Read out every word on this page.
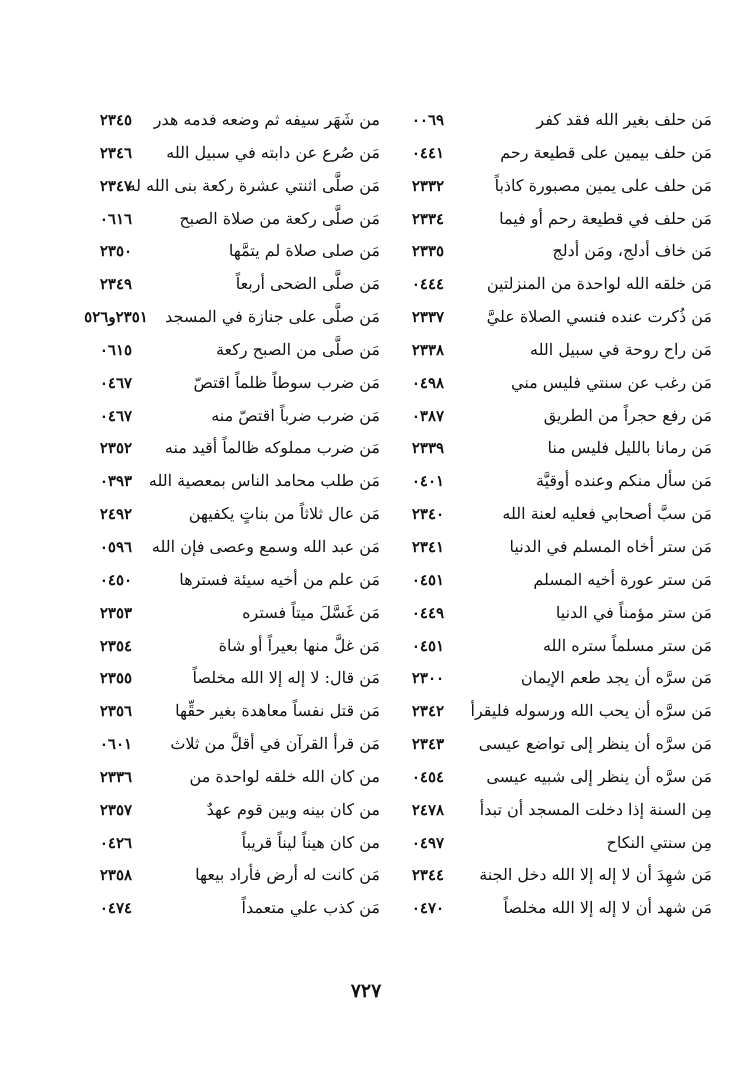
مَن حلف بغير الله فقد كفر
٠٠٦٩
مَن حلف بيمين على قطيعة رحم
٠٤٤١
مَن حلف على يمين مصبورة كاذباً
٢٣٣٢
مَن حلف في قطيعة رحم أو فيما
٢٣٣٤
مَن خاف أدلج، ومَن أدلج
٢٣٣٥
مَن خلقه الله لواحدة من المنزلتين
٠٤٤٤
مَن ذُكرت عنده فنسي الصلاة عليَّ
٢٣٣٧
مَن راح روحة في سبيل الله
٢٣٣٨
مَن رغب عن سنتي فليس مني
٠٤٩٨
مَن رفع حجراً من الطريق
٠٣٨٧
مَن رمانا بالليل فليس منا
٢٣٣٩
مَن سأل منكم وعنده أوقيَّة
٠٤٠١
مَن سبَّ أصحابي فعليه لعنة الله
٢٣٤٠
مَن ستر أخاه المسلم في الدنيا
٢٣٤١
مَن ستر عورة أخيه المسلم
٠٤٥١
مَن ستر مؤمناً في الدنيا
٠٤٤٩
مَن ستر مسلماً ستره الله
٠٤٥١
مَن سرَّه أن يجد طعم الإيمان
٢٣٠٠
مَن سرَّه أن يحب الله ورسوله فليقرأ
٢٣٤٢
مَن سرَّه أن ينظر إلى تواضع عيسى
٢٣٤٣
مَن سرَّه أن ينظر إلى شبيه عيسى
٠٤٥٤
مِن السنة إذا دخلت المسجد أن تبدأ
٢٤٧٨
مِن سنتي النكاح
٠٤٩٧
مَن شهِدَ أن لا إله إلا الله دخل الجنة
٢٣٤٤
مَن شهد أن لا إله إلا الله مخلصاً
٠٤٧٠
من شَهَر سيفه ثم وضعه فدمه هدر
٢٣٤٥
مَن صُرع عن دابته في سبيل الله
٢٣٤٦
مَن صلَّى اثنتي عشرة ركعة بنى الله له
٢٣٤٧
مَن صلَّى ركعة من صلاة الصبح
٠٦١٦
مَن صلى صلاة لم يتمَّها
٢٣٥٠
مَن صلَّى الضحى أربعاً
٢٣٤٩
مَن صلَّى على جنازة في المسجد
٢٣٥١و٥٢٦
مَن صلَّى من الصبح ركعة
٠٦١٥
مَن ضرب سوطاً ظلماً اقتصّ
٠٤٦٧
مَن ضرب ضرباً اقتصّ منه
٠٤٦٧
مَن ضرب مملوكه ظالماً أقيد منه
٢٣٥٢
مَن طلب محامد الناس بمعصية الله
٠٣٩٣
مَن عال ثلاثاً من بناتٍ يكفيهن
٢٤٩٢
مَن عبد الله وسمع وعصى فإن الله
٠٥٩٦
مَن علم من أخيه سيئة فسترها
٠٤٥٠
مَن غَسَّلَ ميتاً فستره
٢٣٥٣
مَن غلَّ منها بعيراً أو شاة
٢٣٥٤
مَن قال: لا إله إلا الله مخلصاً
٢٣٥٥
مَن قتل نفساً معاهدة بغير حقِّها
٢٣٥٦
مَن قرأ القرآن في أقلَّ من ثلاث
٠٦٠١
من كان الله خلقه لواحدة من
٢٣٣٦
من كان بينه وبين قوم عهدٌ
٢٣٥٧
من كان هيناً ليناً قريباً
٠٤٢٦
مَن كانت له أرض فأراد بيعها
٢٣٥٨
مَن كذب علي متعمداً
٠٤٧٤
٧٢٧
